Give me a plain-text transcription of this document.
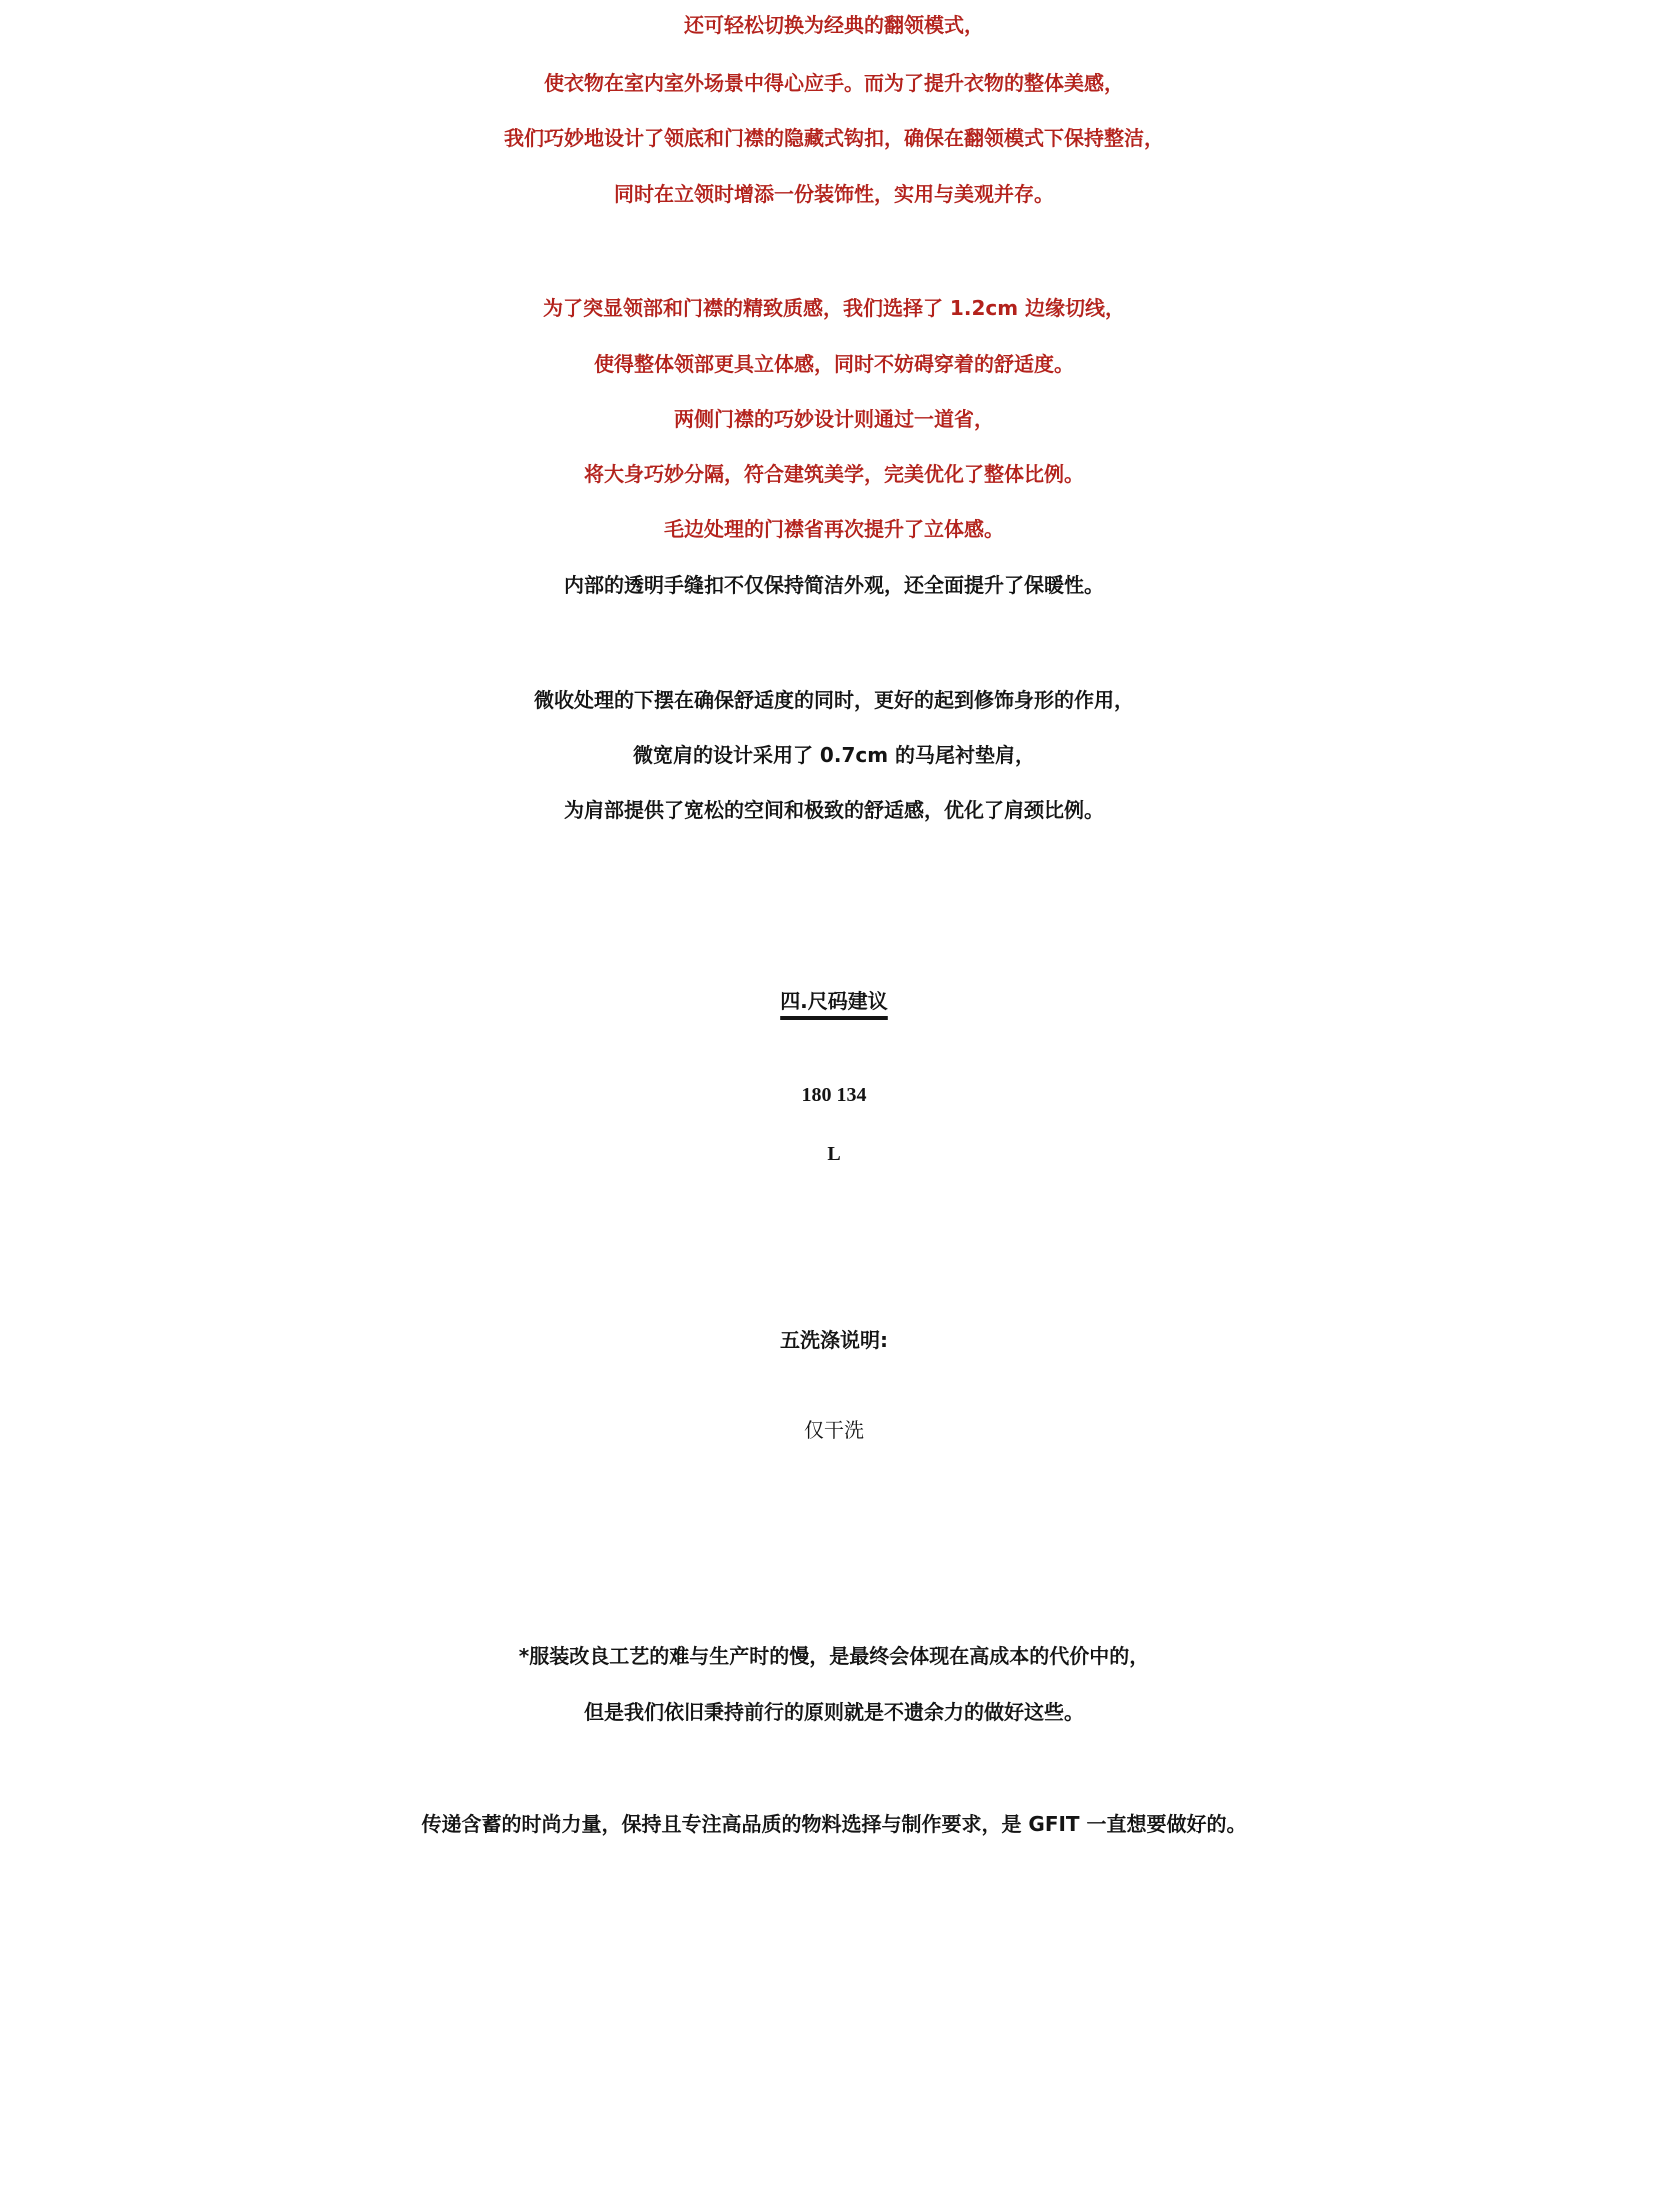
还可轻松切换为经典的翻领模式，
使衣物在室内室外场景中得心应手。而为了提升衣物的整体美感，
我们巧妙地设计了领底和门襟的隐藏式钩扣，确保在翻领模式下保持整洁，
同时在立领时增添一份装饰性，实用与美观并存。
为了突显领部和门襟的精致质感，我们选择了 1.2cm 边缘切线，
使得整体领部更具立体感，同时不妨碍穿着的舒适度。
两侧门襟的巧妙设计则通过一道省，
将大身巧妙分隔，符合建筑美学，完美优化了整体比例。
毛边处理的门襟省再次提升了立体感。
内部的透明手缝扣不仅保持简洁外观，还全面提升了保暖性。
微收处理的下摆在确保舒适度的同时，更好的起到修饰身形的作用，
微宽肩的设计采用了 0.7cm 的马尾衬垫肩，
为肩部提供了宽松的空间和极致的舒适感，优化了肩颈比例。
四.尺码建议
180 134
L
五洗涤说明:
仅干洗
*服装改良工艺的难与生产时的慢，是最终会体现在高成本的代价中的，
但是我们依旧秉持前行的原则就是不遗余力的做好这些。
传递含蓄的时尚力量，保持且专注高品质的物料选择与制作要求，是 GFIT 一直想要做好的。
